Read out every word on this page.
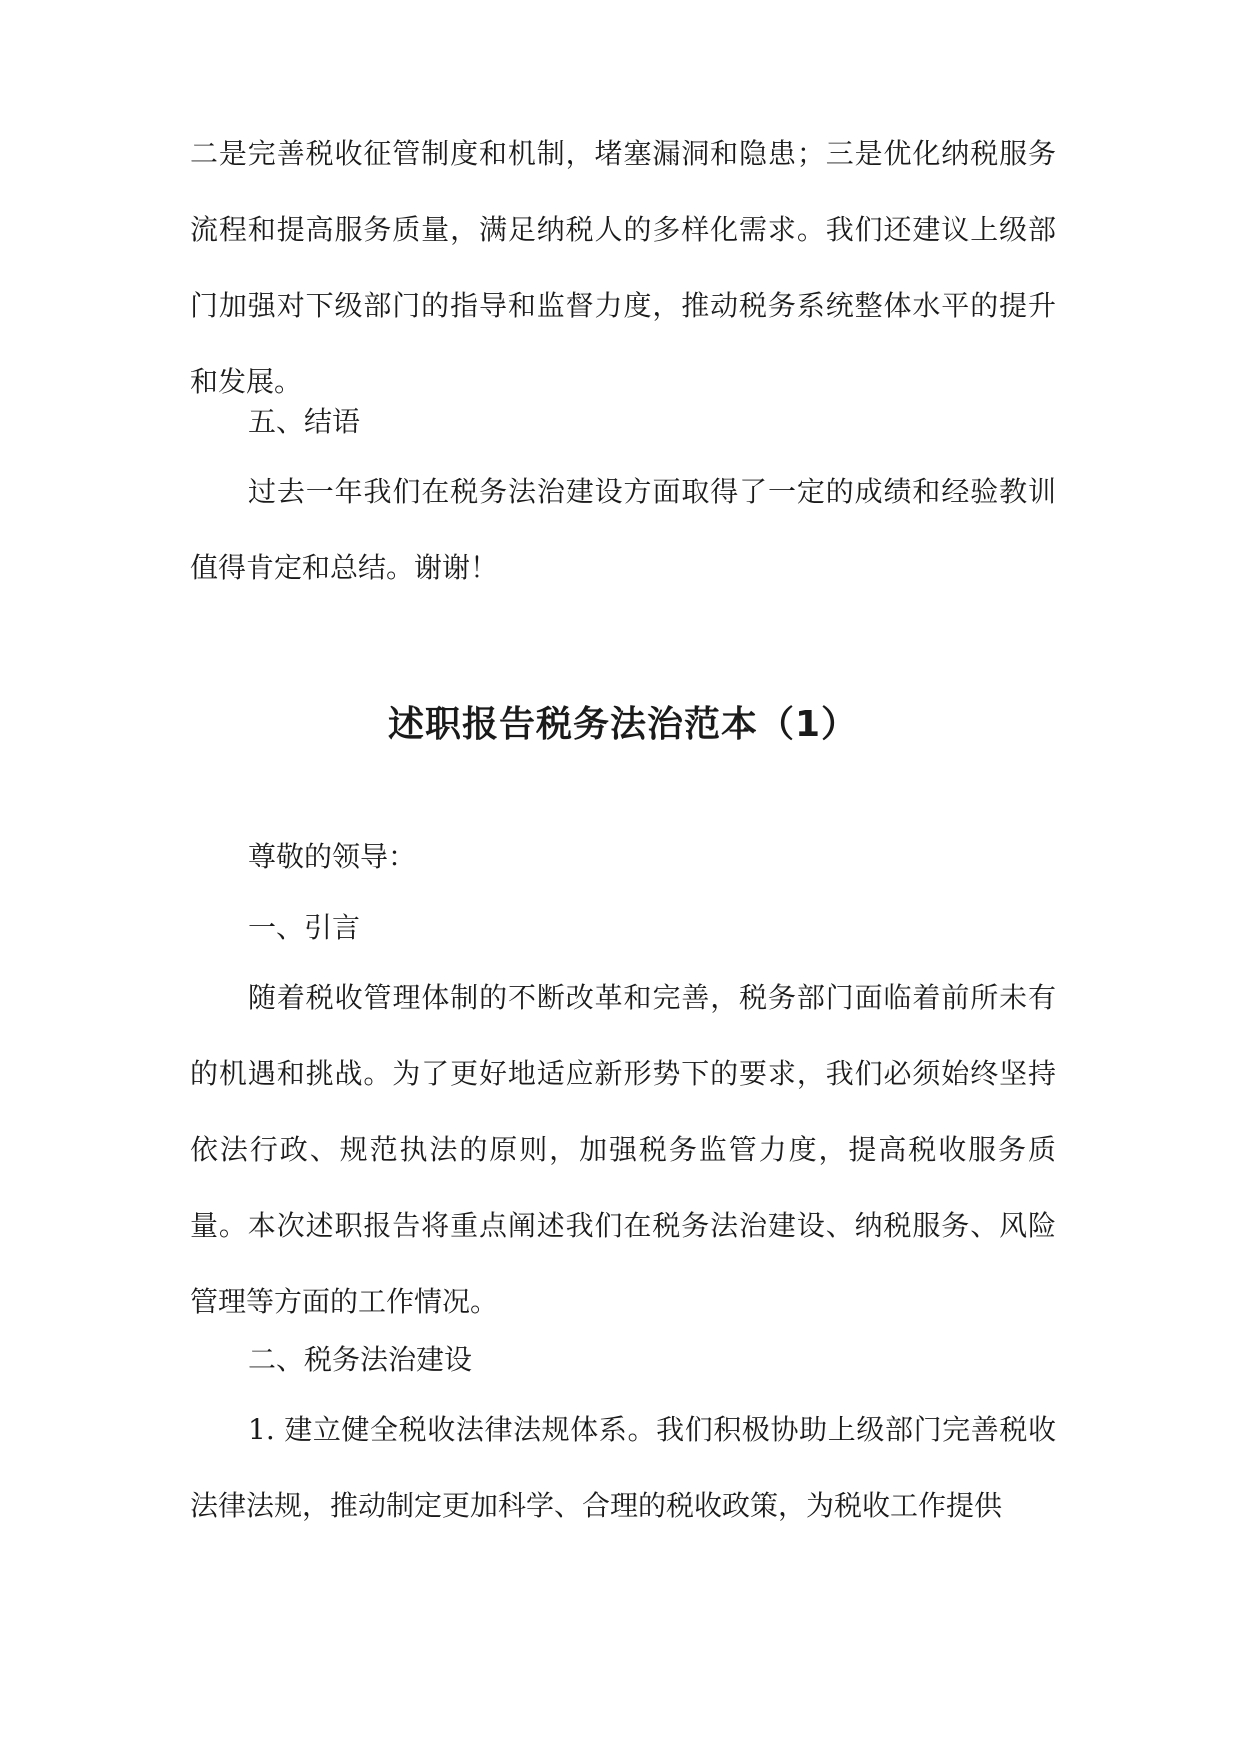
二是完善税收征管制度和机制，堵塞漏洞和隐患；三是优化纳税服务流程和提高服务质量，满足纳税人的多样化需求。我们还建议上级部门加强对下级部门的指导和监督力度，推动税务系统整体水平的提升和发展。

五、结语

过去一年我们在税务法治建设方面取得了一定的成绩和经验教训值得肯定和总结。谢谢！

述职报告税务法治范本（1）

尊敬的领导：

一、引言

随着税收管理体制的不断改革和完善，税务部门面临着前所未有的机遇和挑战。为了更好地适应新形势下的要求，我们必须始终坚持依法行政、规范执法的原则，加强税务监管力度，提高税收服务质量。本次述职报告将重点阐述我们在税务法治建设、纳税服务、风险管理等方面的工作情况。

二、税务法治建设

1. 建立健全税收法律法规体系。我们积极协助上级部门完善税收法律法规，推动制定更加科学、合理的税收政策，为税收工作提供
